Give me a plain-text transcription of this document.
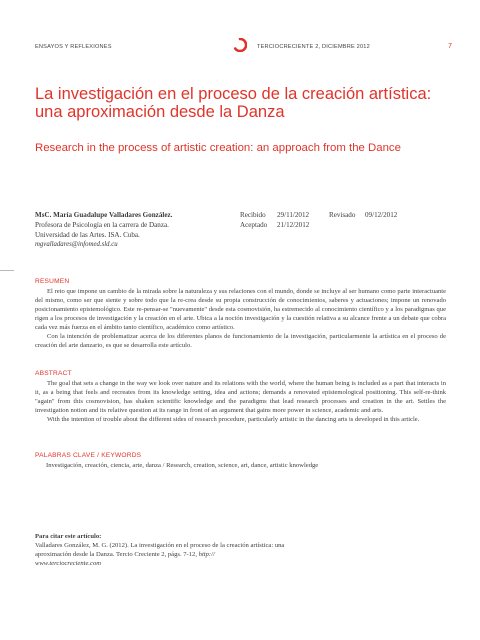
ENSAYOS Y REFLEXIONES	TERCIOCRECIENTE 2, DICIEMBRE 2012	7
La investigación en el proceso de la creación artística: una aproximación desde la Danza
Research in the process of artistic creation: an approach from the Dance
MsC. María Guadalupe Valladares González.
Profesora de Psicología en la carrera de Danza.
Universidad de las Artes. ISA. Cuba.
mgvalladares@infomed.sld.cu
Recibido	29/11/2012	Revisado	09/12/2012
Aceptado	21/12/2012
RESUMEN

El reto que impone un cambio de la mirada sobre la naturaleza y sus relaciones con el mundo, donde se incluye al ser humano como parte interactuante del mismo, como ser que siente y sobre todo que la re-crea desde su propia construcción de conocimientos, saberes y actuaciones; impone un renovado posicionamiento epistemológico. Este re-pensar-se "nuevamente" desde esta cosmovisión, ha estremecido al conocimiento científico y a los paradigmas que rigen a los procesos de investigación y la creación en el arte. Ubica a la noción investigación y la cuestión relativa a su alcance frente a un debate que cobra cada vez más fuerza en el ámbito tanto científico, académico como artístico.

Con la intención de problematizar acerca de los diferentes planos de funcionamiento de la investigación, particularmente la artística en el proceso de creación del arte danzario, es que se desarrolla este artículo.

ABSTRACT

The goal that sets a change in the way we look over nature and its relations with the world, where the human being is included as a part that interacts in it, as a being that feels and recreates from its knowledge setting, idea and actions; demands a renovated epistemological positioning. This self-re-think "again" from this cosmovision, has shaken scientific knowledge and the paradigms that lead research processes and creation in the art. Settles the investigation notion and its relative question at its range in front of an argument that gains more power in science, academic and arts.

With the intention of trouble about the different sides of research procedure, particularly artistic in the dancing arts is developed in this article.

PALABRAS CLAVE / KEYWORDS
Investigación, creación, ciencia, arte, danza / Research, creation, science, art, dance, artistic knowledge
Para citar este artículo:
Valladares González, M. G. (2012). La investigación en el proceso de la creación artística: una aproximación desde la Danza. Tercio Creciente 2, págs. 7-12, http://
www.terciocreciente.com
